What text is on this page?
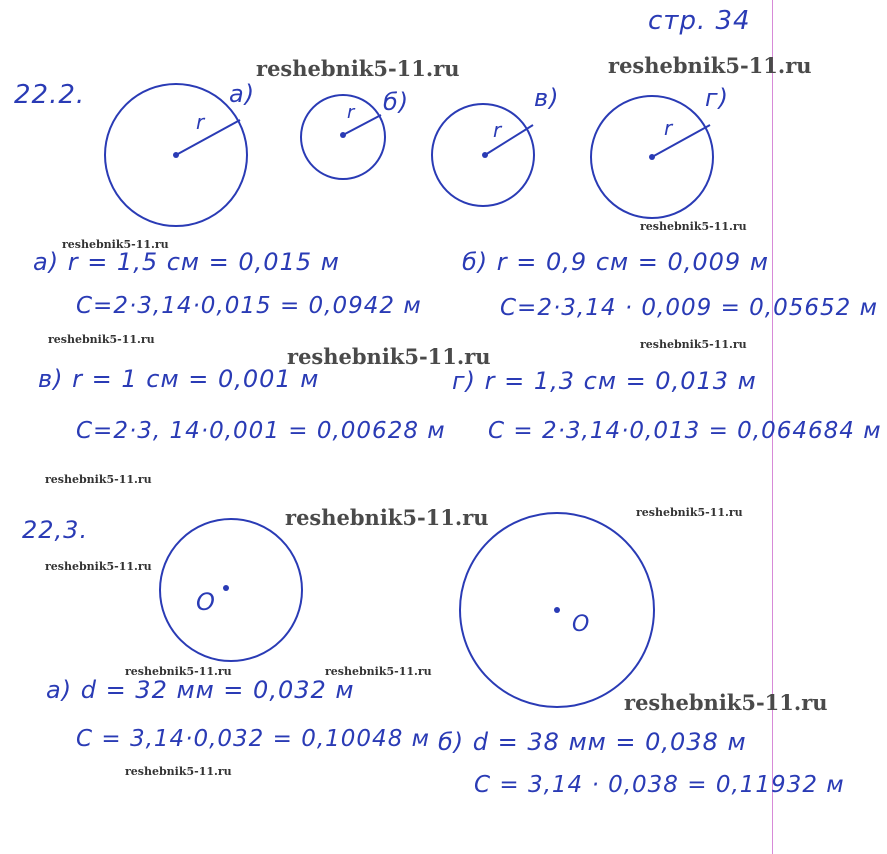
стр. 34
reshebnik5-11.ru	reshebnik5-11.ru
reshebnik5-11.ru
reshebnik5-11.ru
reshebnik5-11.ru
reshebnik5-11.ru
reshebnik5-11.ru
reshebnik5-11.ru	reshebnik5-11.ru
reshebnik5-11.ru
reshebnik5-11.ru
reshebnik5-11.ru
reshebnik5-11.ru	reshebnik5-11.ru
reshebnik5-11.ru
22.2.	а)	б)	в)	г)
r	r
r	r
а) r = 1,5 см = 0,015 м
C=2·3,14·0,015 = 0,0942 м
б) r = 0,9 см = 0,009 м
C=2·3,14 · 0,009 = 0,05652 м
в) r = 1 см = 0,001 м
C=2·3, 14·0,001 = 0,00628 м
г) r = 1,3 см = 0,013 м
C = 2·3,14·0,013 = 0,064684 м
22,3.
O
O
а) d = 32 мм = 0,032 м
C = 3,14·0,032 = 0,10048 м б) d = 38 мм = 0,038 м
C = 3,14 · 0,038 = 0,11932 м
